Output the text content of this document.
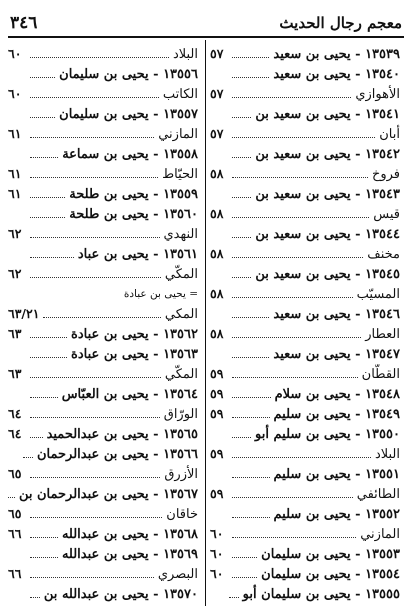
٣٤٦	معجم رجال الحديث
١٣٥٣٩ - يحيى بن سعيد
٥٧
١٣٥٤٠ - يحيى بن سعيد
الأهوازي
٥٧
١٣٥٤١ - يحيى بن سعيد بن
أبان
٥٧
١٣٥٤٢ - يحيى بن سعيد بن
فروخ
٥٨
١٣٥٤٣ - يحيى بن سعيد بن
قيس
٥٨
١٣٥٤٤ - يحيى بن سعيد بن
مخنف
٥٨
١٣٥٤٥ - يحيى بن سعيد بن
المسيّب
٥٨
١٣٥٤٦ - يحيى بن سعيد
العطار
٥٨
١٣٥٤٧ - يحيى بن سعيد
القطّان
٥٩
١٣٥٤٨ - يحيى بن سلام
٥٩
١٣٥٤٩ - يحيى بن سليم
٥٩
١٣٥٥٠ - يحيى بن سليم أبو
البلاد
٥٩
١٣٥٥١ - يحيى بن سليم
الطائفي
٥٩
١٣٥٥٢ - يحيى بن سليم
المازني
٦٠
١٣٥٥٣ - يحيى بن سليمان
٦٠
١٣٥٥٤ - يحيى بن سليمان
٦٠
١٣٥٥٥ - يحيى بن سليمان أبو
البلاد
٦٠
١٣٥٥٦ - يحيى بن سليمان
الكاتب
٦٠
١٣٥٥٧ - يحيى بن سليمان
المازني
٦١
١٣٥٥٨ - يحيى بن سماعة
الحيّاط
٦١
١٣٥٥٩ - يحيى بن طلحة
٦١
١٣٥٦٠ - يحيى بن طلحة
النهدي
٦٢
١٣٥٦١ - يحيى بن عباد
المكّي
٦٢
= يحيى بن عبادة
المكي
٦٣/٢١
١٣٥٦٢ - يحيى بن عبادة
٦٣
١٣٥٦٣ - يحيى بن عبادة
المكّي
٦٣
١٣٥٦٤ - يحيى بن العبّاس
الورّاق
٦٤
١٣٥٦٥ - يحيى بن عبدالحميد
٦٤
١٣٥٦٦ - يحيى بن عبدالرحمان
الأزرق
٦٥
١٣٥٦٧ - يحيى بن عبدالرحمان بن
خاقان
٦٥
١٣٥٦٨ - يحيى بن عبدالله
٦٦
١٣٥٦٩ - يحيى بن عبدالله
البصري
٦٦
١٣٥٧٠ - يحيى بن عبدالله بن
